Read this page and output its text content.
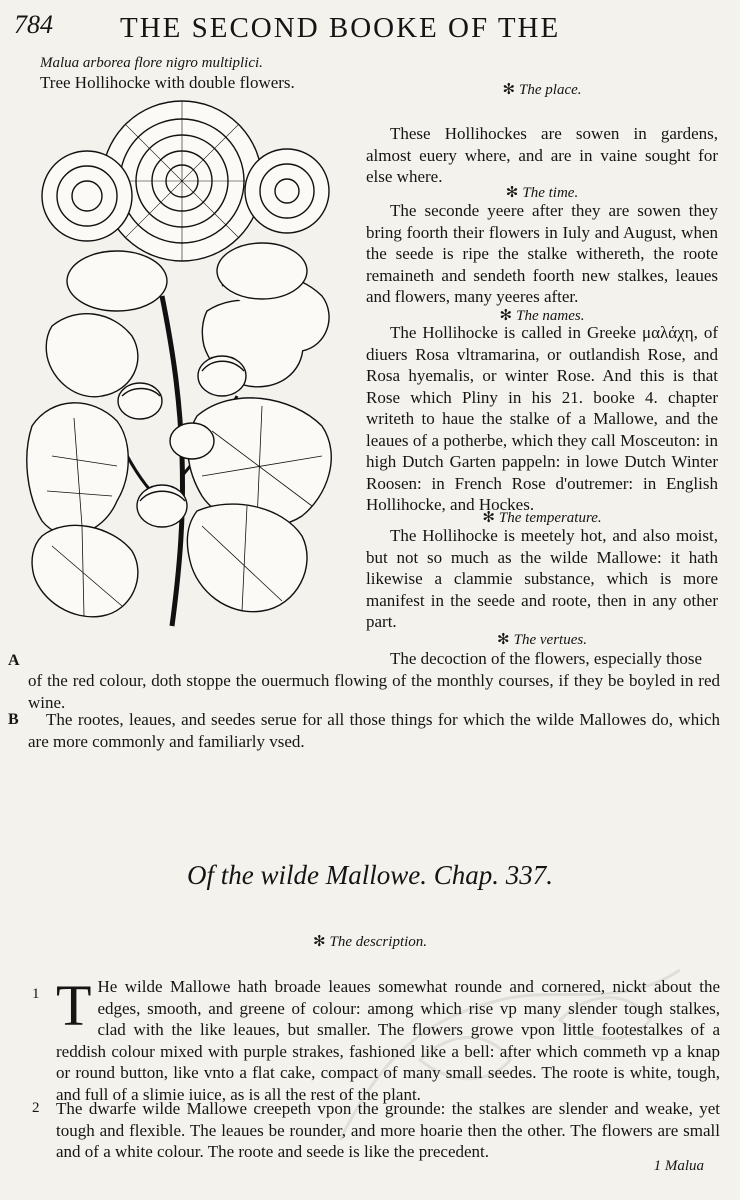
784 THE SECOND BOOKE OF THE
Malua arborea flore nigro multiplici.
Tree Hollihocke with double flowers.	✻ The place.

These Hollihockes are sowen in gardens, almost euery where, and are in vaine sought for else where.

✻ The time.

The seconde yeere after they are sowen they bring foorth their flowers in Iuly and August, when the seede is ripe the stalke withereth, the roote remaineth and sendeth foorth new stalkes, leaues and flowers, many yeeres after.

✻ The names.

The Hollihocke is called in Greeke μαλάχη, of diuers Rosa vltramarina, or outlandish Rose, and Rosa hyemalis, or winter Rose. And this is that Rose which Pliny in his 21. booke 4. chapter writeth to haue the stalke of a Mallowe, and the leaues of a potherbe, which they call Mosceuton: in high Dutch Garten pappeln: in lowe Dutch Winter Roosen: in French Rose d'outremer: in English Hollihocke, and Hockes.

✻ The temperature.

The Hollihocke is meetely hot, and also moist, but not so much as the wilde Mallowe: it hath likewise a clammie substance, which is more manifest in the seede and roote, then in any other part.

✻ The vertues.

The decoction of the flowers, especially those

A
of the red colour, doth stoppe the ouermuch flowing of the monthly courses, if they be boyled in red wine.
B	The rootes, leaues, and seedes serue for all those things for which the wilde Mallowes do, which are more commonly and familiarly vsed.
Of the wilde Mallowe. Chap. 337.
✻ The description.
1 T He wilde Mallowe hath broade leaues somewhat rounde and cornered, nickt about the edges, smooth, and greene of colour: among which rise vp many slender tough stalkes, clad with the like leaues, but smaller. The flowers growe vpon little footestalkes of a reddish colour mixed with purple strakes, fashioned like a bell: after which commeth vp a knap or round button, like vnto a flat cake, compact of many small seedes. The roote is white, tough, and full of a slimie iuice, as is all the rest of the plant.
2 The dwarfe wilde Mallowe creepeth vpon the grounde: the stalkes are slender and weake, yet tough and flexible. The leaues be rounder, and more hoarie then the other. The flowers are small and of a white colour. The roote and seede is like the precedent.
1 Malua
